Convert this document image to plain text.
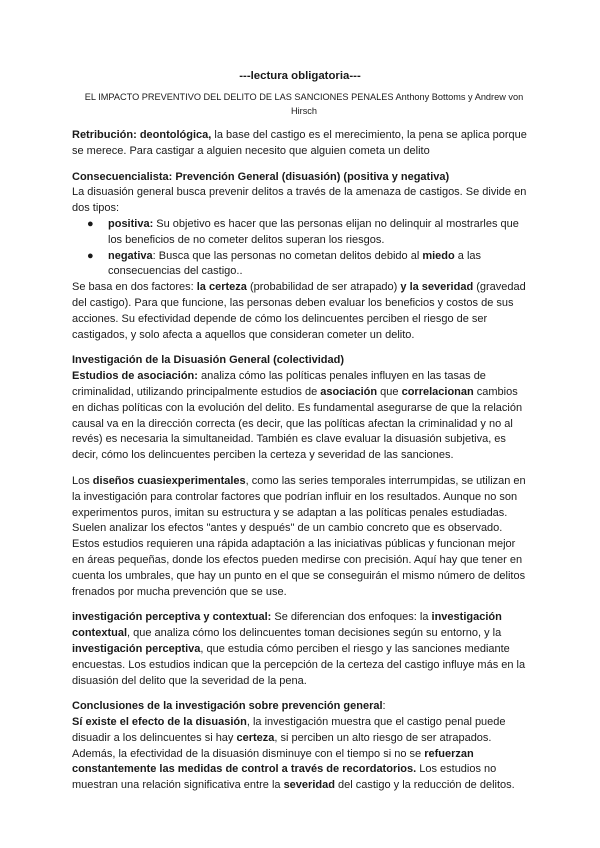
---lectura obligatoria---
EL IMPACTO PREVENTIVO DEL DELITO DE LAS SANCIONES PENALES Anthony Bottoms y Andrew von Hirsch

Retribución: deontológica, la base del castigo es el merecimiento, la pena se aplica porque se merece. Para castigar a alguien necesito que alguien cometa un delito

Consecuencialista: Prevención General (disuasión) (positiva y negativa)

La disuasión general busca prevenir delitos a través de la amenaza de castigos. Se divide en dos tipos:

● positiva: Su objetivo es hacer que las personas elijan no delinquir al mostrarles que los beneficios de no cometer delitos superan los riesgos.
● negativa: Busca que las personas no cometan delitos debido al miedo a las consecuencias del castigo..

Se basa en dos factores: la certeza (probabilidad de ser atrapado) y la severidad (gravedad del castigo). Para que funcione, las personas deben evaluar los beneficios y costos de sus acciones. Su efectividad depende de cómo los delincuentes perciben el riesgo de ser castigados, y solo afecta a aquellos que consideran cometer un delito.

Investigación de la Disuasión General (colectividad)

Estudios de asociación: analiza cómo las políticas penales influyen en las tasas de criminalidad, utilizando principalmente estudios de asociación que correlacionan cambios en dichas políticas con la evolución del delito. Es fundamental asegurarse de que la relación causal va en la dirección correcta (es decir, que las políticas afectan la criminalidad y no al revés) es necesaria la simultaneidad. También es clave evaluar la disuasión subjetiva, es decir, cómo los delincuentes perciben la certeza y severidad de las sanciones.

Los diseños cuasiexperimentales, como las series temporales interrumpidas, se utilizan en la investigación para controlar factores que podrían influir en los resultados. Aunque no son experimentos puros, imitan su estructura y se adaptan a las políticas penales estudiadas. Suelen analizar los efectos "antes y después" de un cambio concreto que es observado. Estos estudios requieren una rápida adaptación a las iniciativas públicas y funcionan mejor en áreas pequeñas, donde los efectos pueden medirse con precisión. Aquí hay que tener en cuenta los umbrales, que hay un punto en el que se conseguirán el mismo número de delitos frenados por mucha prevención que se use.

investigación perceptiva y contextual: Se diferencian dos enfoques: la investigación contextual, que analiza cómo los delincuentes toman decisiones según su entorno, y la investigación perceptiva, que estudia cómo perciben el riesgo y las sanciones mediante encuestas. Los estudios indican que la percepción de la certeza del castigo influye más en la disuasión del delito que la severidad de la pena.

Conclusiones de la investigación sobre prevención general:

Sí existe el efecto de la disuasión, la investigación muestra que el castigo penal puede disuadir a los delincuentes si hay certeza, si perciben un alto riesgo de ser atrapados. Además, la efectividad de la disuasión disminuye con el tiempo si no se refuerzan constantemente las medidas de control a través de recordatorios. Los estudios no muestran una relación significativa entre la severidad del castigo y la reducción de delitos.
